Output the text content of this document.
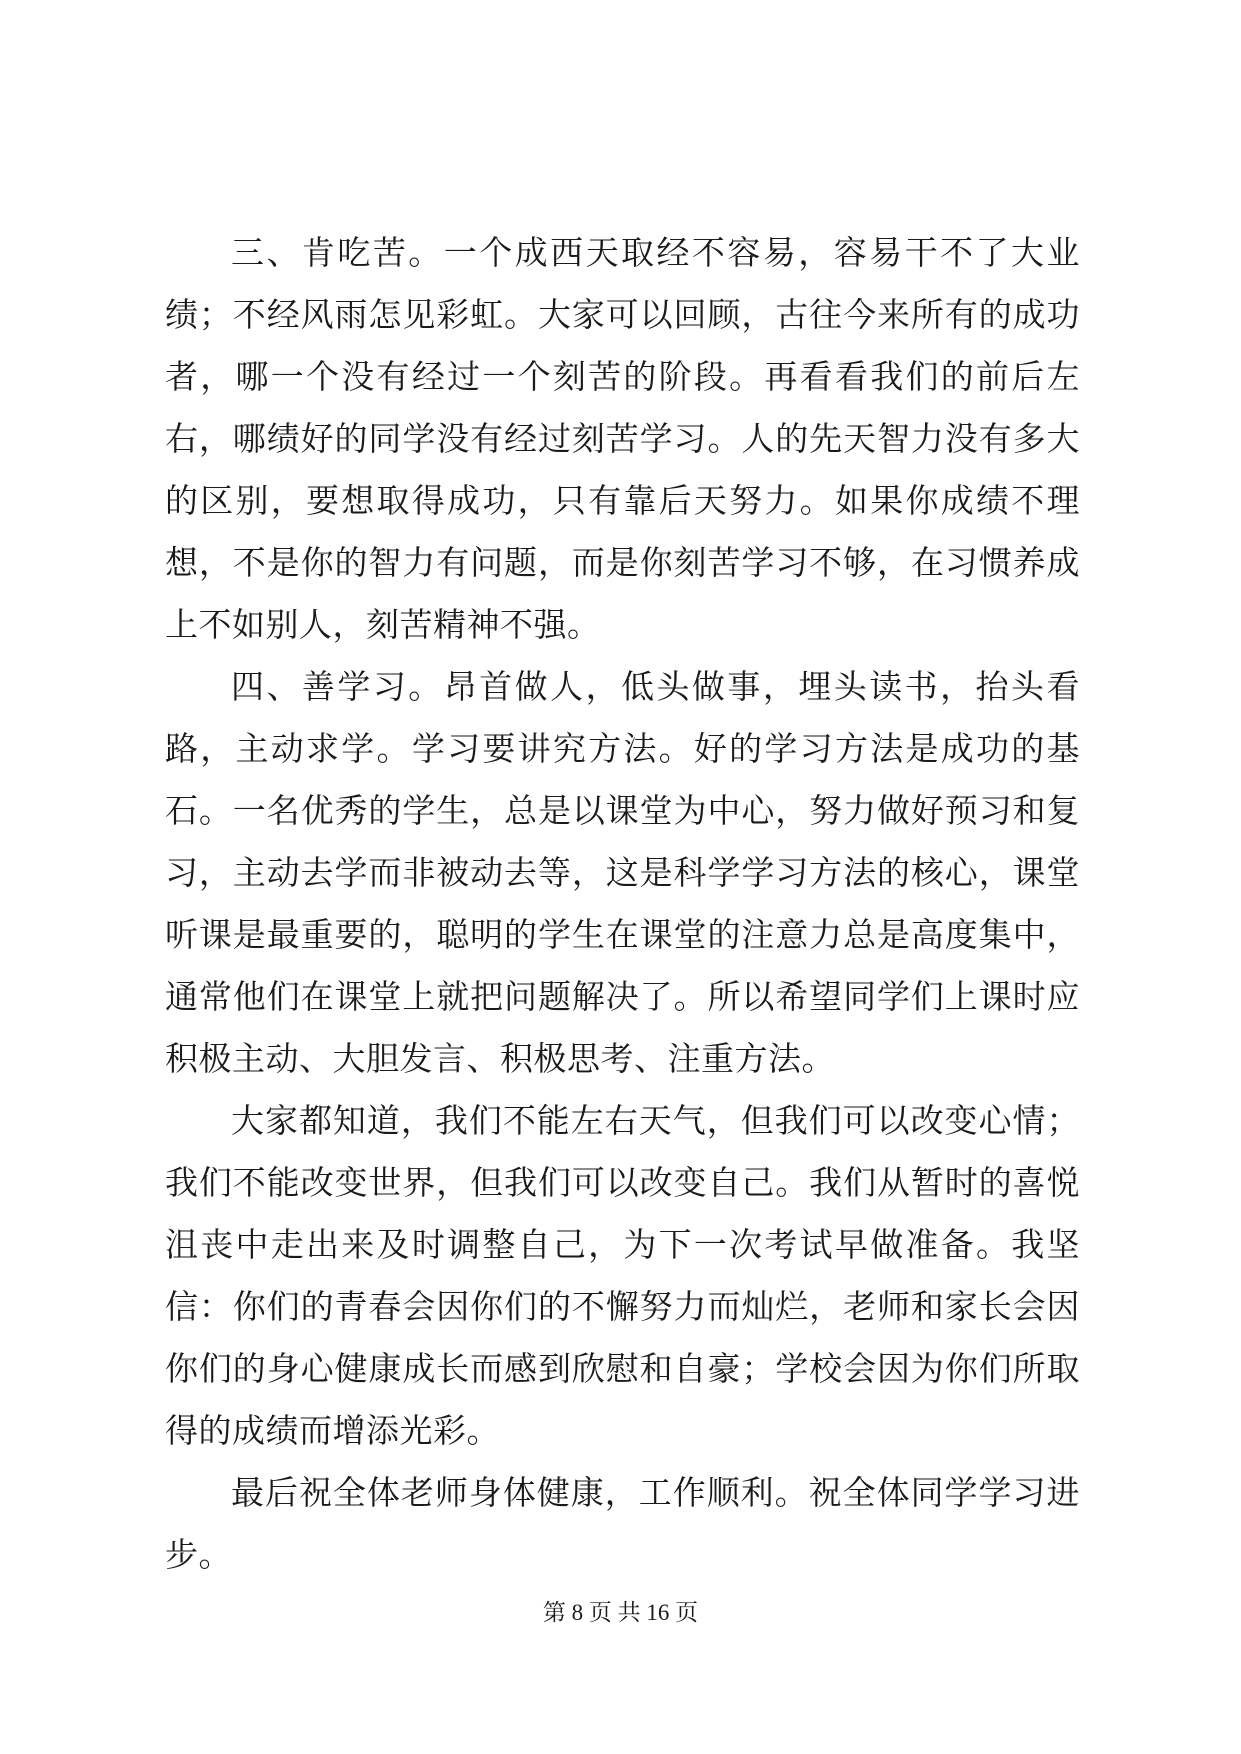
三、肯吃苦。一个成西天取经不容易，容易干不了大业绩；不经风雨怎见彩虹。大家可以回顾，古往今来所有的成功者，哪一个没有经过一个刻苦的阶段。再看看我们的前后左右，哪绩好的同学没有经过刻苦学习。人的先天智力没有多大的区别，要想取得成功，只有靠后天努力。如果你成绩不理想，不是你的智力有问题，而是你刻苦学习不够，在习惯养成上不如别人，刻苦精神不强。

四、善学习。昂首做人，低头做事，埋头读书，抬头看路，主动求学。学习要讲究方法。好的学习方法是成功的基石。一名优秀的学生，总是以课堂为中心，努力做好预习和复习，主动去学而非被动去等，这是科学学习方法的核心，课堂听课是最重要的，聪明的学生在课堂的注意力总是高度集中，通常他们在课堂上就把问题解决了。所以希望同学们上课时应积极主动、大胆发言、积极思考、注重方法。

大家都知道，我们不能左右天气，但我们可以改变心情；我们不能改变世界，但我们可以改变自己。我们从暂时的喜悦沮丧中走出来及时调整自己，为下一次考试早做准备。我坚信：你们的青春会因你们的不懈努力而灿烂，老师和家长会因你们的身心健康成长而感到欣慰和自豪；学校会因为你们所取得的成绩而增添光彩。

最后祝全体老师身体健康，工作顺利。祝全体同学学习进步。

第 8 页 共 16 页
